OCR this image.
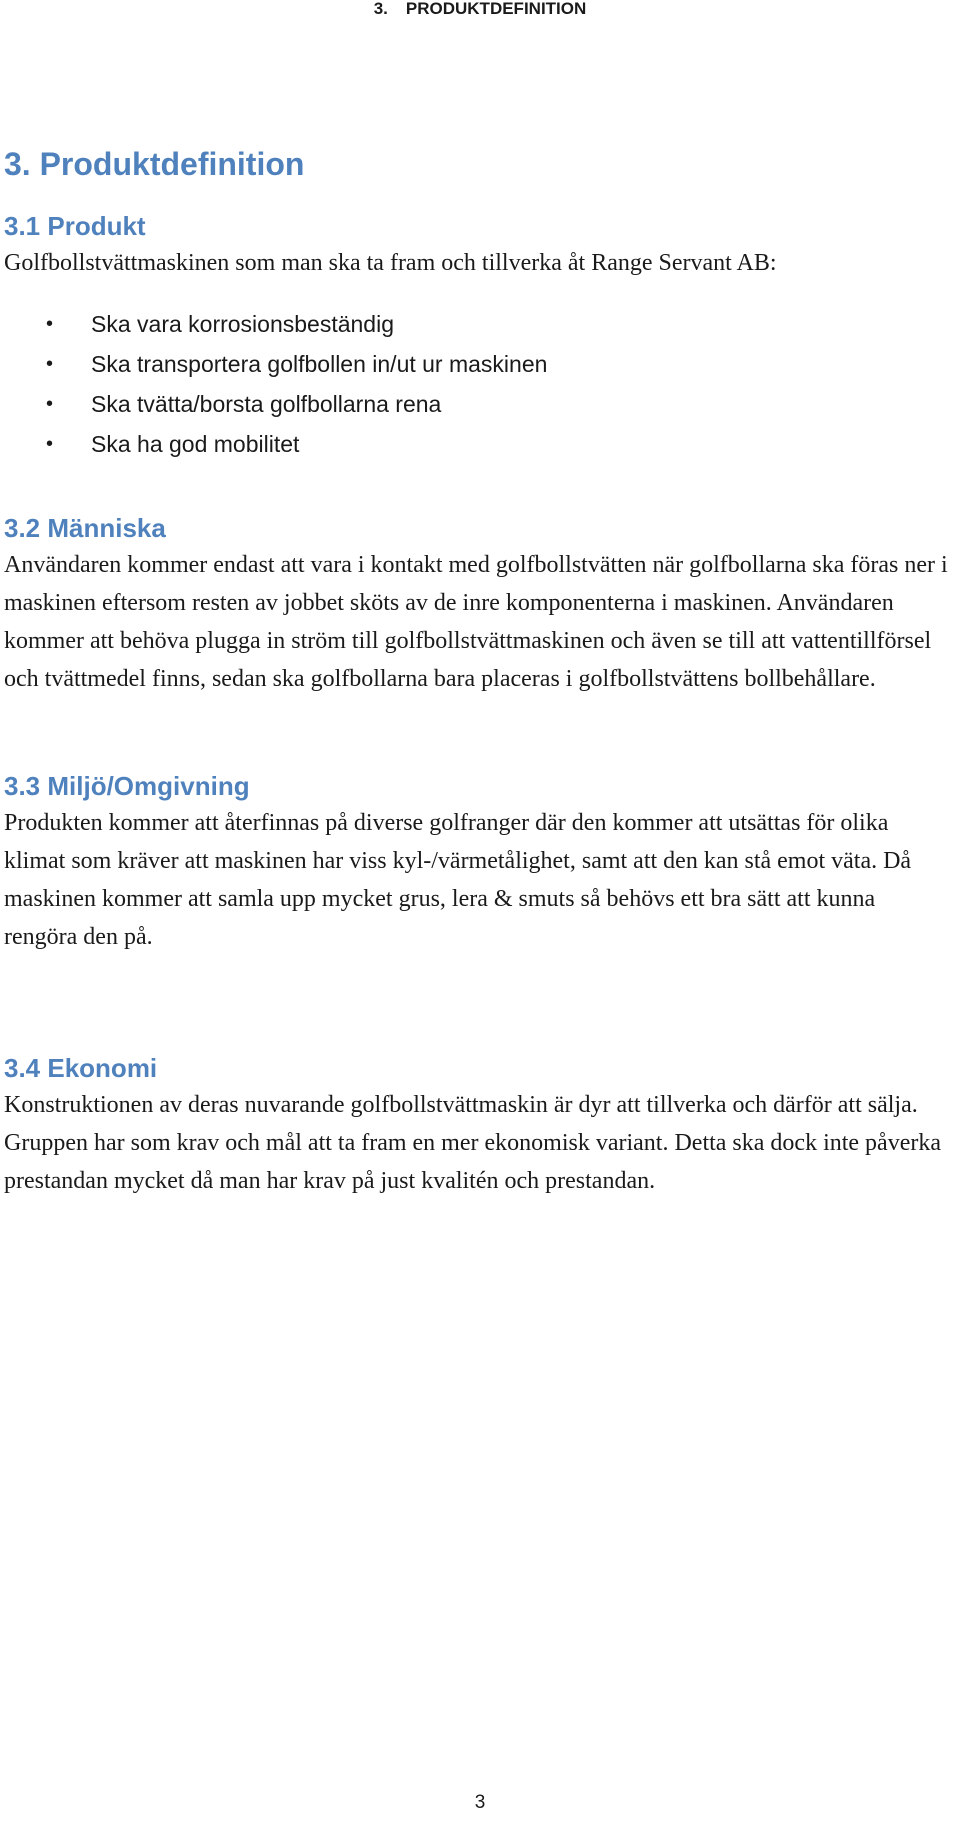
3. PRODUKTDEFINITION
3. Produktdefinition
3.1 Produkt

Golfbollstvättmaskinen som man ska ta fram och tillverka åt Range Servant AB:

• Ska vara korrosionsbeständig
• Ska transportera golfbollen in/ut ur maskinen
• Ska tvätta/borsta golfbollarna rena
• Ska ha god mobilitet
3.2 Människa

Användaren kommer endast att vara i kontakt med golfbollstvätten när golfbollarna ska föras ner i maskinen eftersom resten av jobbet sköts av de inre komponenterna i maskinen. Användaren kommer att behöva plugga in ström till golfbollstvättmaskinen och även se till att vattentillförsel och tvättmedel finns, sedan ska golfbollarna bara placeras i golfbollstvättens bollbehållare.

3.3 Miljö/Omgivning

Produkten kommer att återfinnas på diverse golfranger där den kommer att utsättas för olika klimat som kräver att maskinen har viss kyl-/värmetålighet, samt att den kan stå emot väta. Då maskinen kommer att samla upp mycket grus, lera & smuts så behövs ett bra sätt att kunna rengöra den på.

3.4 Ekonomi

Konstruktionen av deras nuvarande golfbollstvättmaskin är dyr att tillverka och därför att sälja. Gruppen har som krav och mål att ta fram en mer ekonomisk variant. Detta ska dock inte påverka prestandan mycket då man har krav på just kvalitén och prestandan.

3
